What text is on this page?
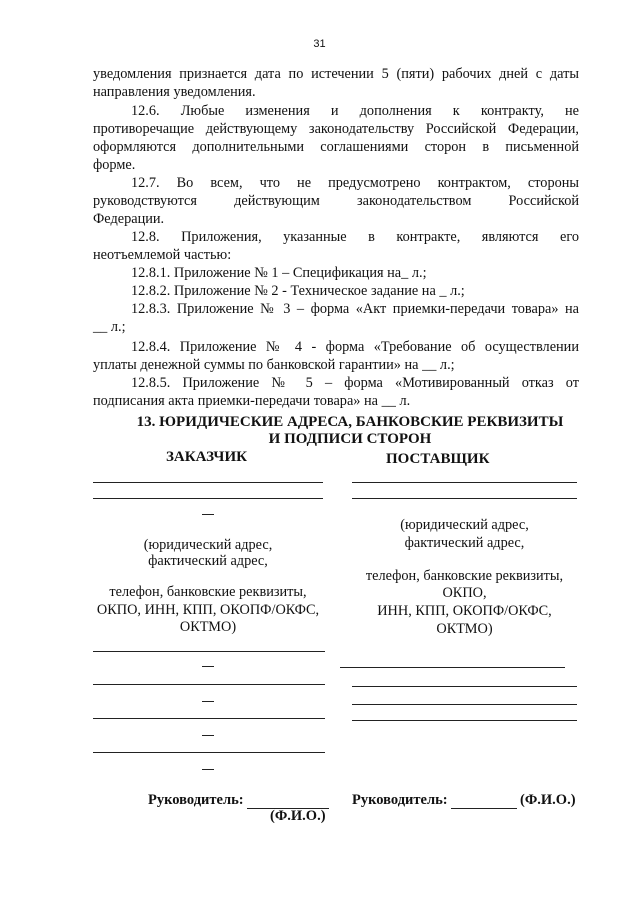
31
уведомления признается дата по истечении 5 (пяти) рабочих дней с даты
направления уведомления.
12.6. Любые изменения и дополнения к контракту, не
противоречащие действующему законодательству Российской Федерации,
оформляются дополнительными соглашениями сторон в письменной
форме.
12.7. Во всем, что не предусмотрено контрактом, стороны
руководствуются действующим законодательством Российской
Федерации.
12.8. Приложения, указанные в контракте, являются его
неотъемлемой частью:
12.8.1. Приложение № 1 – Спецификация на_ л.;
12.8.2. Приложение № 2 - Техническое задание на _ л.;
12.8.3. Приложение № 3 – форма «Акт приемки-передачи товара» на
__ л.;
12.8.4. Приложение № 4 - форма «Требование об осуществлении
уплаты денежной суммы по банковской гарантии» на __ л.;
12.8.5. Приложение № 5 – форма «Мотивированный отказ от
подписания акта приемки-передачи товара» на __ л.
13. ЮРИДИЧЕСКИЕ АДРЕСА, БАНКОВСКИЕ РЕКВИЗИТЫ
И ПОДПИСИ СТОРОН
ЗАКАЗЧИК	ПОСТАВЩИК
(юридический адрес,
фактический адрес,
телефон, банковские реквизиты,
ОКПО, ИНН, КПП, ОКОПФ/ОКФС,
ОКТМО)
(юридический адрес,
фактический адрес,
телефон, банковские реквизиты,
ОКПО,
ИНН, КПП, ОКОПФ/ОКФС,
ОКТМО)
Руководитель:
(Ф.И.О.)
Руководитель:	(Ф.И.О.)
